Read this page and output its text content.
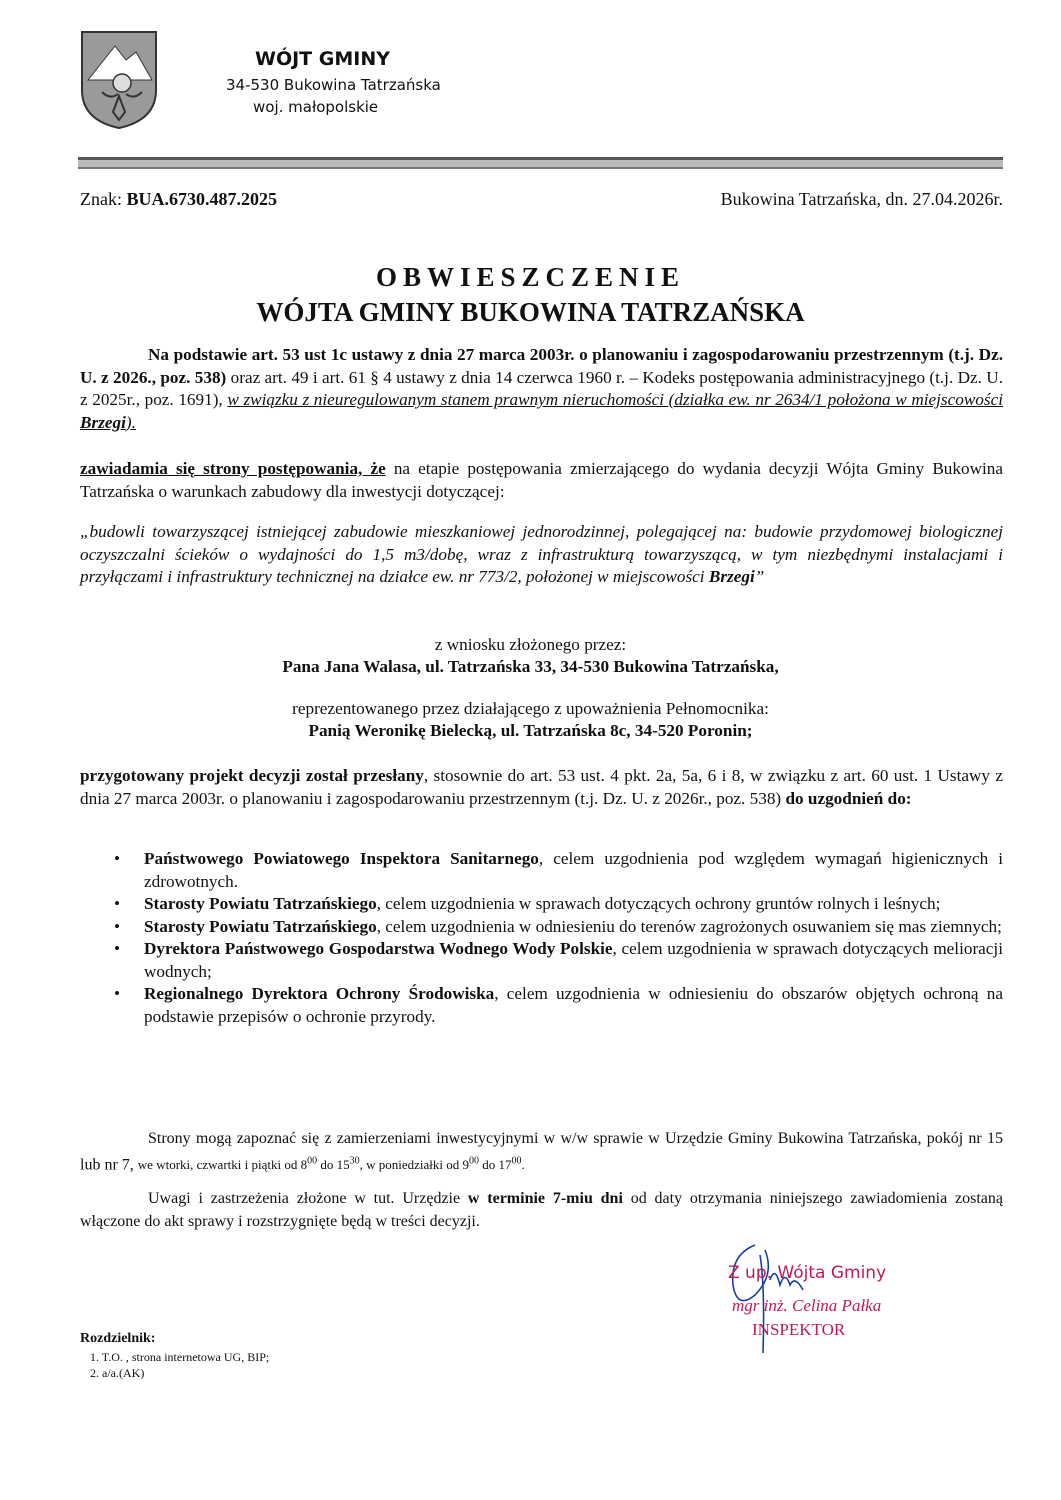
WÓJT GMINY
34-530 Bukowina Tatrzańska
woj. małopolskie
Znak: BUA.6730.487.2025	Bukowina Tatrzańska, dn. 27.04.2026r.
OBWIESZCZENIE
WÓJTA GMINY BUKOWINA TATRZAŃSKA
Na podstawie art. 53 ust 1c ustawy z dnia 27 marca 2003r. o planowaniu i zagospodarowaniu przestrzennym (t.j. Dz. U. z 2026., poz. 538) oraz art. 49 i art. 61 § 4 ustawy z dnia 14 czerwca 1960 r. – Kodeks postępowania administracyjnego (t.j. Dz. U. z 2025r., poz. 1691), w związku z nieuregulowanym stanem prawnym nieruchomości (działka ew. nr 2634/1 położona w miejscowości Brzegi).
zawiadamia się strony postępowania, że na etapie postępowania zmierzającego do wydania decyzji Wójta Gminy Bukowina Tatrzańska o warunkach zabudowy dla inwestycji dotyczącej:
„budowli towarzyszącej istniejącej zabudowie mieszkaniowej jednorodzinnej, polegającej na: budowie przydomowej biologicznej oczyszczalni ścieków o wydajności do 1,5 m3/dobę, wraz z infrastrukturą towarzyszącą, w tym niezbędnymi instalacjami i przyłączami i infrastruktury technicznej na działce ew. nr 773/2, położonej w miejscowości Brzegi”
z wniosku złożonego przez:
Pana Jana Walasa, ul. Tatrzańska 33, 34-530 Bukowina Tatrzańska,
reprezentowanego przez działającego z upoważnienia Pełnomocnika:
Panią Weronikę Bielecką, ul. Tatrzańska 8c, 34-520 Poronin;
przygotowany projekt decyzji został przesłany, stosownie do art. 53 ust. 4 pkt. 2a, 5a, 6 i 8, w związku z art. 60 ust. 1 Ustawy z dnia 27 marca 2003r. o planowaniu i zagospodarowaniu przestrzennym (t.j. Dz. U. z 2026r., poz. 538) do uzgodnień do:
• Państwowego Powiatowego Inspektora Sanitarnego, celem uzgodnienia pod względem wymagań higienicznych i zdrowotnych.
• Starosty Powiatu Tatrzańskiego, celem uzgodnienia w sprawach dotyczących ochrony gruntów rolnych i leśnych;
• Starosty Powiatu Tatrzańskiego, celem uzgodnienia w odniesieniu do terenów zagrożonych osuwaniem się mas ziemnych;
• Dyrektora Państwowego Gospodarstwa Wodnego Wody Polskie, celem uzgodnienia w sprawach dotyczących melioracji wodnych;
• Regionalnego Dyrektora Ochrony Środowiska, celem uzgodnienia w odniesieniu do obszarów objętych ochroną na podstawie przepisów o ochronie przyrody.
Strony mogą zapoznać się z zamierzeniami inwestycyjnymi w w/w sprawie w Urzędzie Gminy Bukowina Tatrzańska, pokój nr 15 lub nr 7, we wtorki, czwartki i piątki od $8^{00}$ do $15^{30}$, w poniedziałki od $9^{00}$ do $17^{00}$.
Uwagi i zastrzeżenia złożone w tut. Urzędzie w terminie 7-miu dni od daty otrzymania niniejszego zawiadomienia zostaną włączone do akt sprawy i rozstrzygnięte będą w treści decyzji.
Z up. Wójta Gminy
mgr inż. Celina Pałka
INSPEKTOR
Rozdzielnik:
1. T.O. , strona internetowa UG, BIP;
2. a/a.(AK)
